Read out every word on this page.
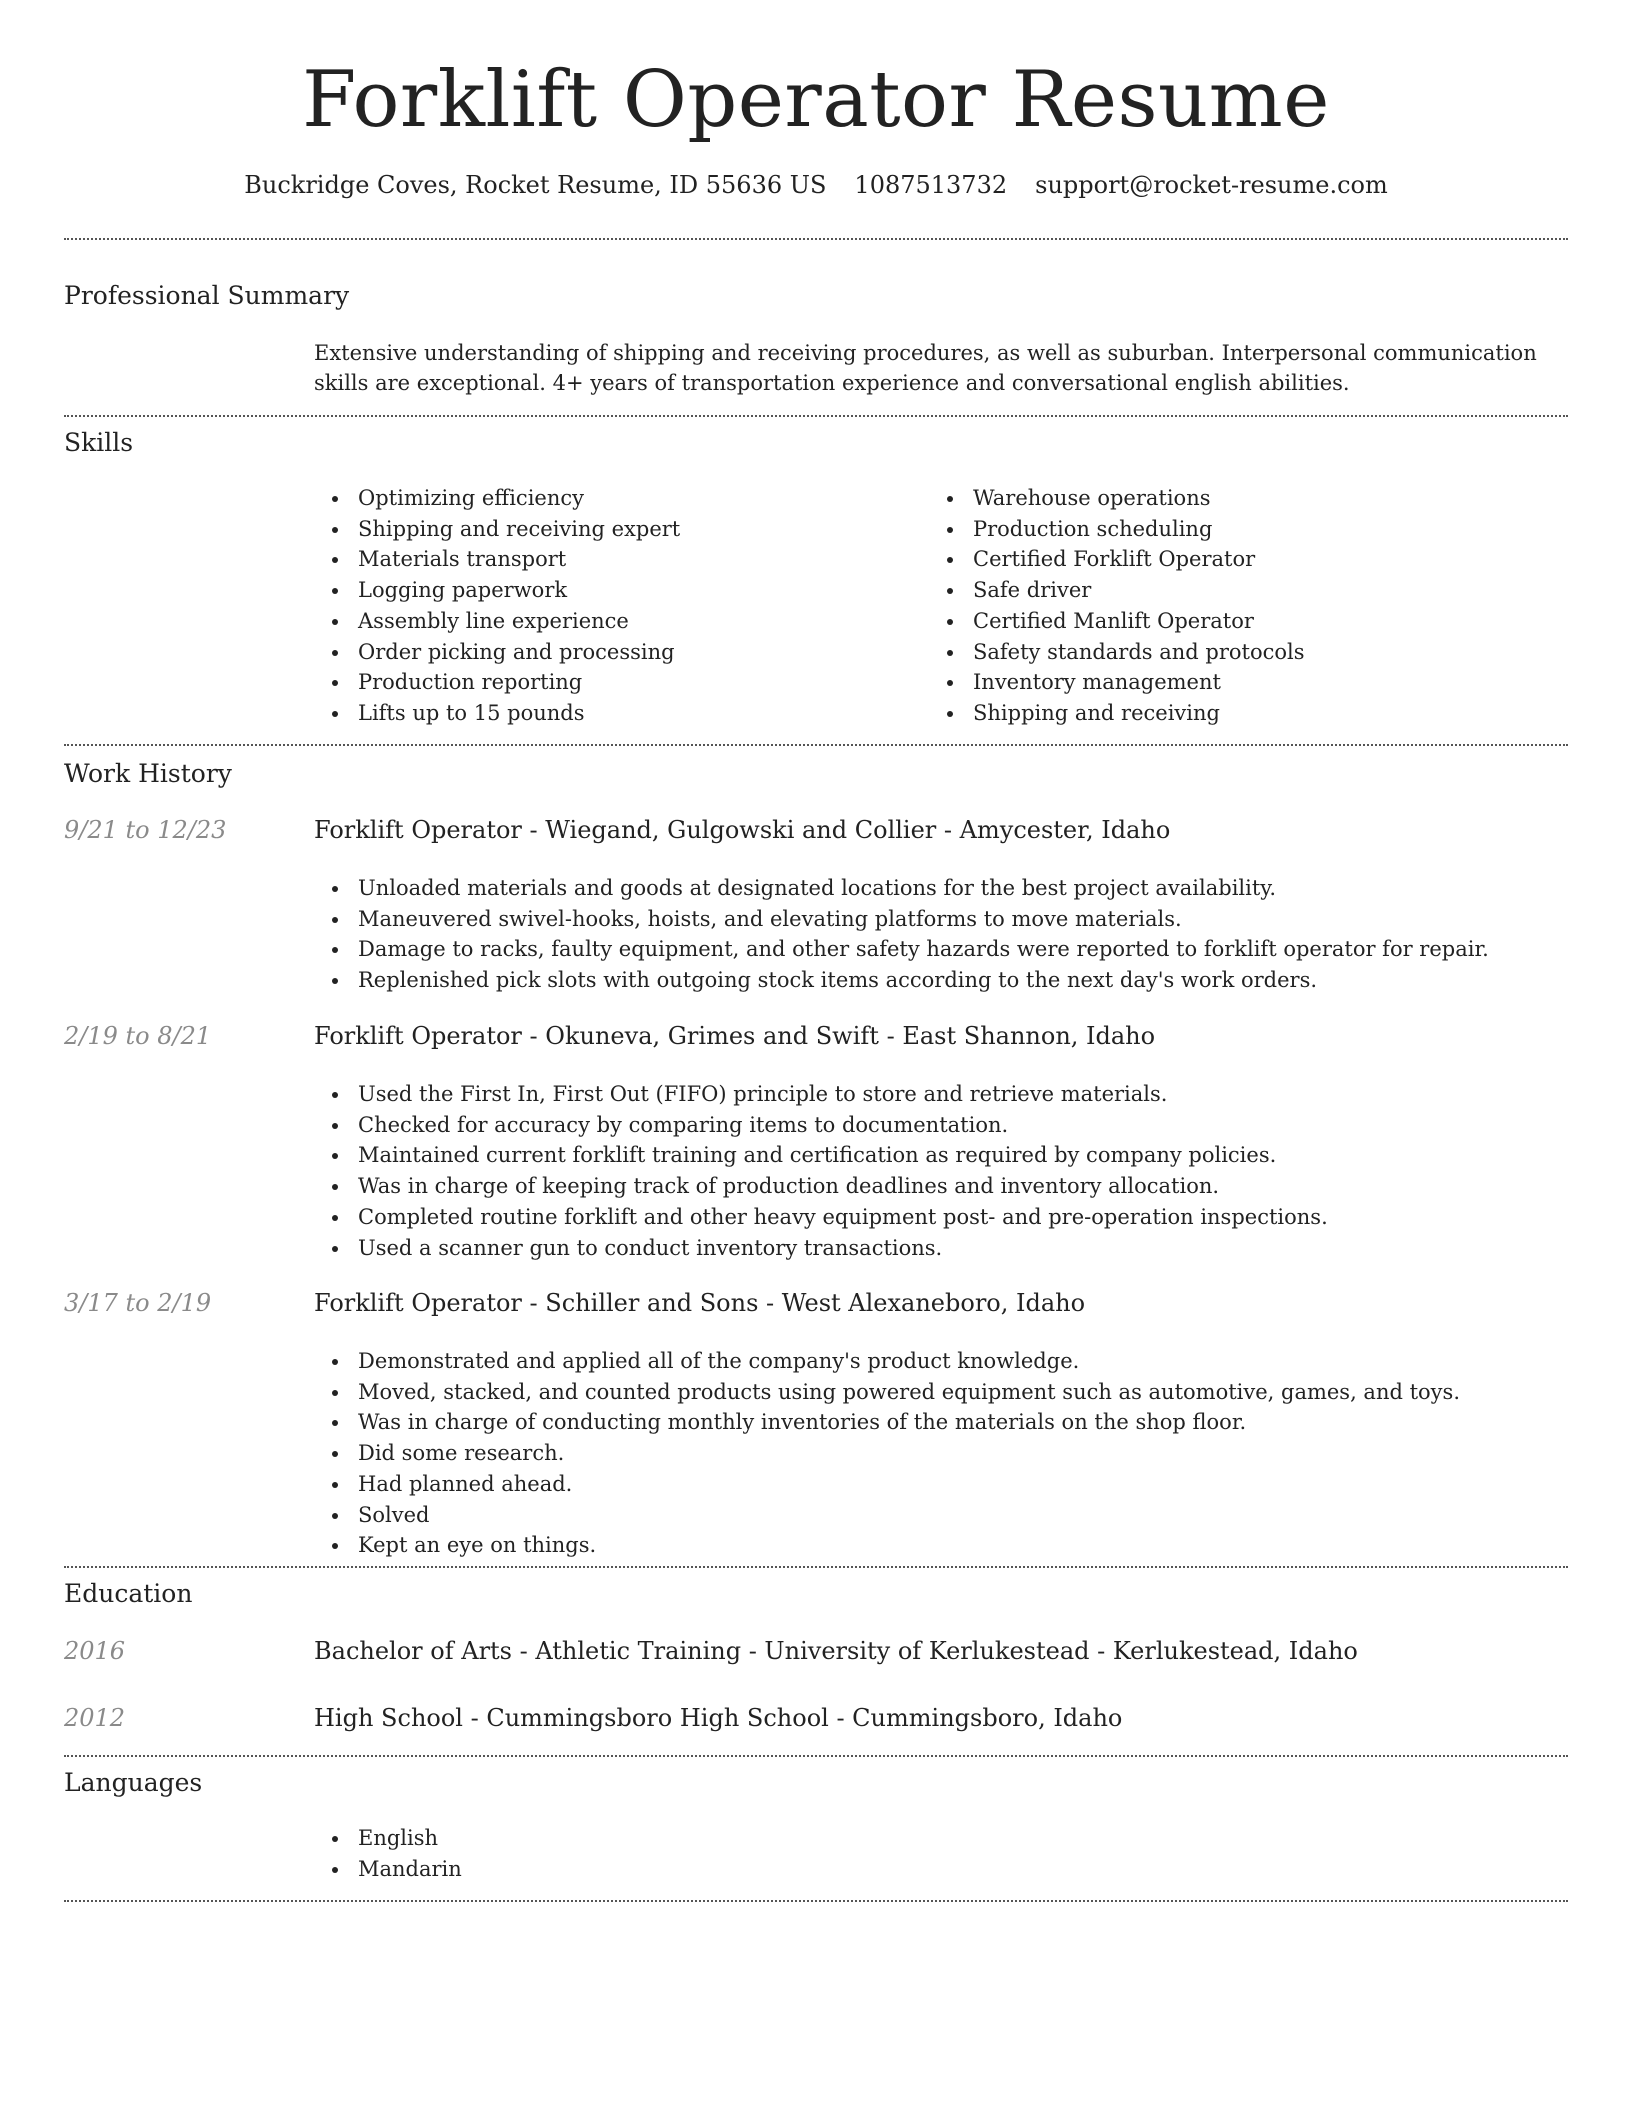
Forklift Operator Resume
Buckridge Coves, Rocket Resume, ID 55636 US 1087513732 support@rocket-resume.com
Professional Summary
Extensive understanding of shipping and receiving procedures, as well as suburban. Interpersonal communication skills are exceptional. 4+ years of transportation experience and conversational english abilities.
Skills
Optimizing efficiency
Shipping and receiving expert
Materials transport
Logging paperwork
Assembly line experience
Order picking and processing
Production reporting
Lifts up to 15 pounds
Warehouse operations
Production scheduling
Certified Forklift Operator
Safe driver
Certified Manlift Operator
Safety standards and protocols
Inventory management
Shipping and receiving
Work History
9/21 to 12/23	Forklift Operator - Wiegand, Gulgowski and Collier - Amycester, Idaho
Unloaded materials and goods at designated locations for the best project availability.
Maneuvered swivel-hooks, hoists, and elevating platforms to move materials.
Damage to racks, faulty equipment, and other safety hazards were reported to forklift operator for repair.
Replenished pick slots with outgoing stock items according to the next day's work orders.
2/19 to 8/21	Forklift Operator - Okuneva, Grimes and Swift - East Shannon, Idaho
Used the First In, First Out (FIFO) principle to store and retrieve materials.
Checked for accuracy by comparing items to documentation.
Maintained current forklift training and certification as required by company policies.
Was in charge of keeping track of production deadlines and inventory allocation.
Completed routine forklift and other heavy equipment post- and pre-operation inspections.
Used a scanner gun to conduct inventory transactions.
3/17 to 2/19	Forklift Operator - Schiller and Sons - West Alexaneboro, Idaho
Demonstrated and applied all of the company's product knowledge.
Moved, stacked, and counted products using powered equipment such as automotive, games, and toys.
Was in charge of conducting monthly inventories of the materials on the shop floor.
Did some research.
Had planned ahead.
Solved
Kept an eye on things.
Education
2016	Bachelor of Arts - Athletic Training - University of Kerlukestead - Kerlukestead, Idaho
2012	High School - Cummingsboro High School - Cummingsboro, Idaho
Languages
English
Mandarin
